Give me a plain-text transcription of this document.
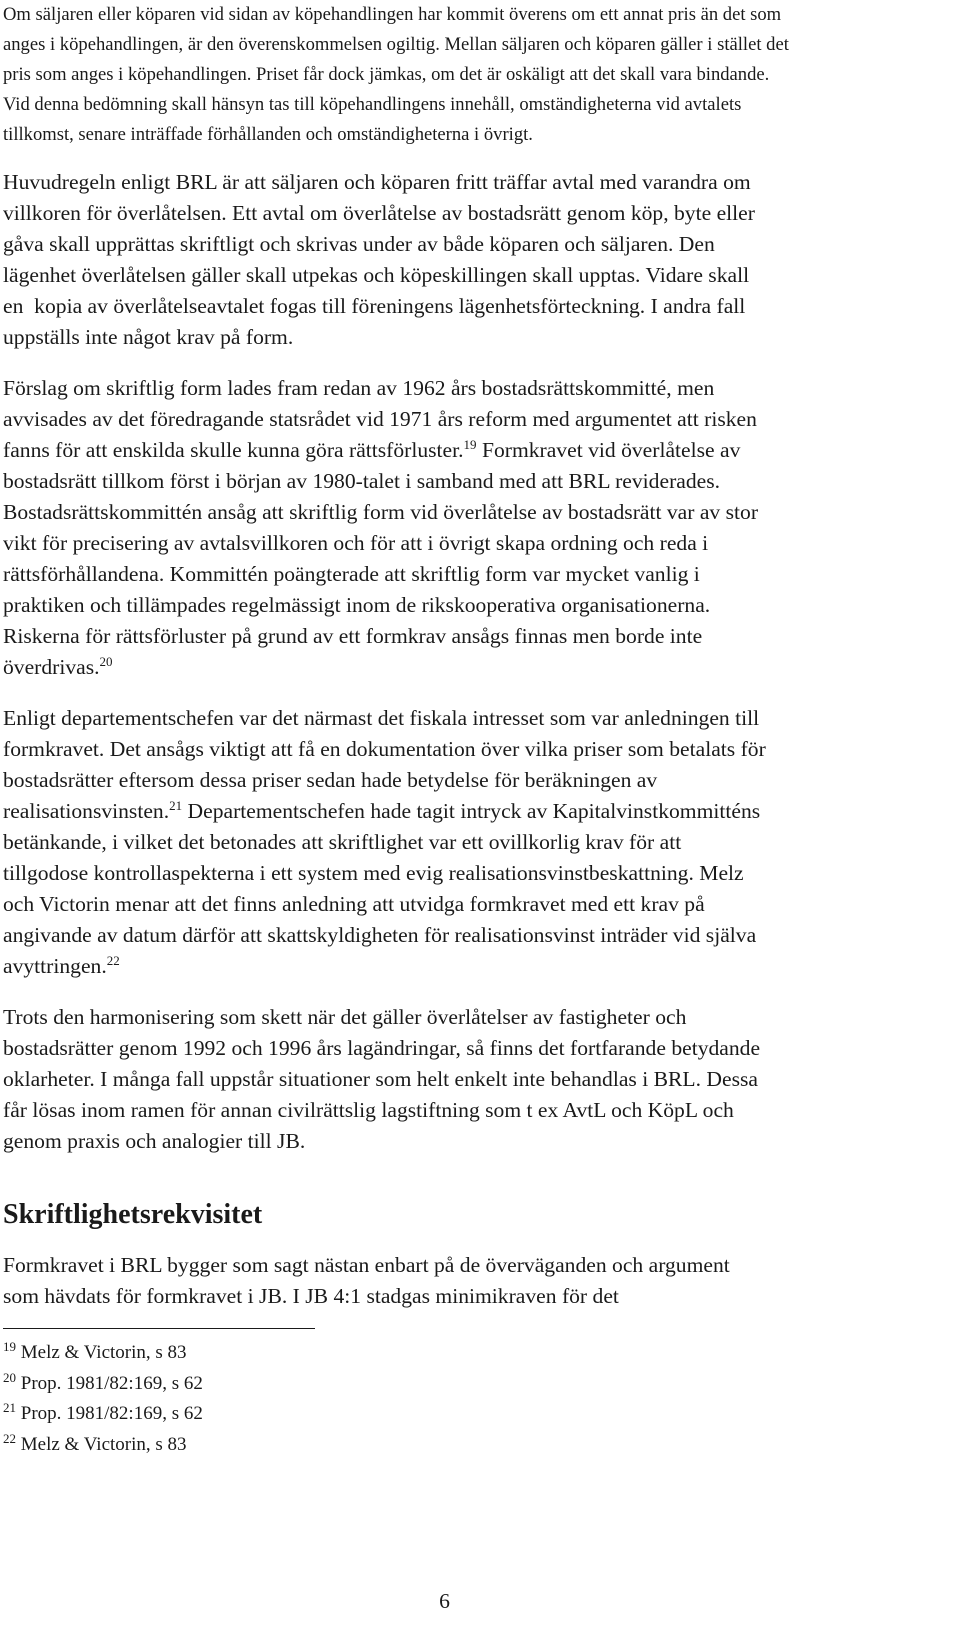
Om säljaren eller köparen vid sidan av köpehandlingen har kommit överens om ett annat pris än det som
anges i köpehandlingen, är den överenskommelsen ogiltig. Mellan säljaren och köparen gäller i stället det
pris som anges i köpehandlingen. Priset får dock jämkas, om det är oskäligt att det skall vara bindande.
Vid denna bedömning skall hänsyn tas till köpehandlingens innehåll, omständigheterna vid avtalets
tillkomst, senare inträffade förhållanden och omständigheterna i övrigt.
Huvudregeln enligt BRL är att säljaren och köparen fritt träffar avtal med varandra om
villkoren för överlåtelsen. Ett avtal om överlåtelse av bostadsrätt genom köp, byte eller
gåva skall upprättas skriftligt och skrivas under av både köparen och säljaren. Den
lägenhet överlåtelsen gäller skall utpekas och köpeskillingen skall upptas. Vidare skall
en  kopia av överlåtelseavtalet fogas till föreningens lägenhetsförteckning. I andra fall
uppställs inte något krav på form.
Förslag om skriftlig form lades fram redan av 1962 års bostadsrättskommitté, men
avvisades av det föredragande statsrådet vid 1971 års reform med argumentet att risken
fanns för att enskilda skulle kunna göra rättsförluster.$^{19}$ Formkravet vid överlåtelse av
bostadsrätt tillkom först i början av 1980-talet i samband med att BRL reviderades.
Bostadsrättskommittén ansåg att skriftlig form vid överlåtelse av bostadsrätt var av stor
vikt för precisering av avtalsvillkoren och för att i övrigt skapa ordning och reda i
rättsförhållandena. Kommittén poängterade att skriftlig form var mycket vanlig i
praktiken och tillämpades regelmässigt inom de rikskooperativa organisationerna.
Riskerna för rättsförluster på grund av ett formkrav ansågs finnas men borde inte
överdrivas.$^{20}$
Enligt departementschefen var det närmast det fiskala intresset som var anledningen till
formkravet. Det ansågs viktigt att få en dokumentation över vilka priser som betalats för
bostadsrätter eftersom dessa priser sedan hade betydelse för beräkningen av
realisationsvinsten.$^{21}$ Departementschefen hade tagit intryck av Kapitalvinstkommitténs
betänkande, i vilket det betonades att skriftlighet var ett ovillkorlig krav för att
tillgodose kontrollaspekterna i ett system med evig realisationsvinstbeskattning. Melz
och Victorin menar att det finns anledning att utvidga formkravet med ett krav på
angivande av datum därför att skattskyldigheten för realisationsvinst inträder vid själva
avyttringen.$^{22}$
Trots den harmonisering som skett när det gäller överlåtelser av fastigheter och
bostadsrätter genom 1992 och 1996 års lagändringar, så finns det fortfarande betydande
oklarheter. I många fall uppstår situationer som helt enkelt inte behandlas i BRL. Dessa
får lösas inom ramen för annan civilrättslig lagstiftning som t ex AvtL och KöpL och
genom praxis och analogier till JB.
Skriftlighetsrekvisitet
Formkravet i BRL bygger som sagt nästan enbart på de överväganden och argument
som hävdats för formkravet i JB. I JB 4:1 stadgas minimikraven för det
$^{19}$ Melz & Victorin, s 83
$^{20}$ Prop. 1981/82:169, s 62
$^{21}$ Prop. 1981/82:169, s 62
$^{22}$ Melz & Victorin, s 83
6
